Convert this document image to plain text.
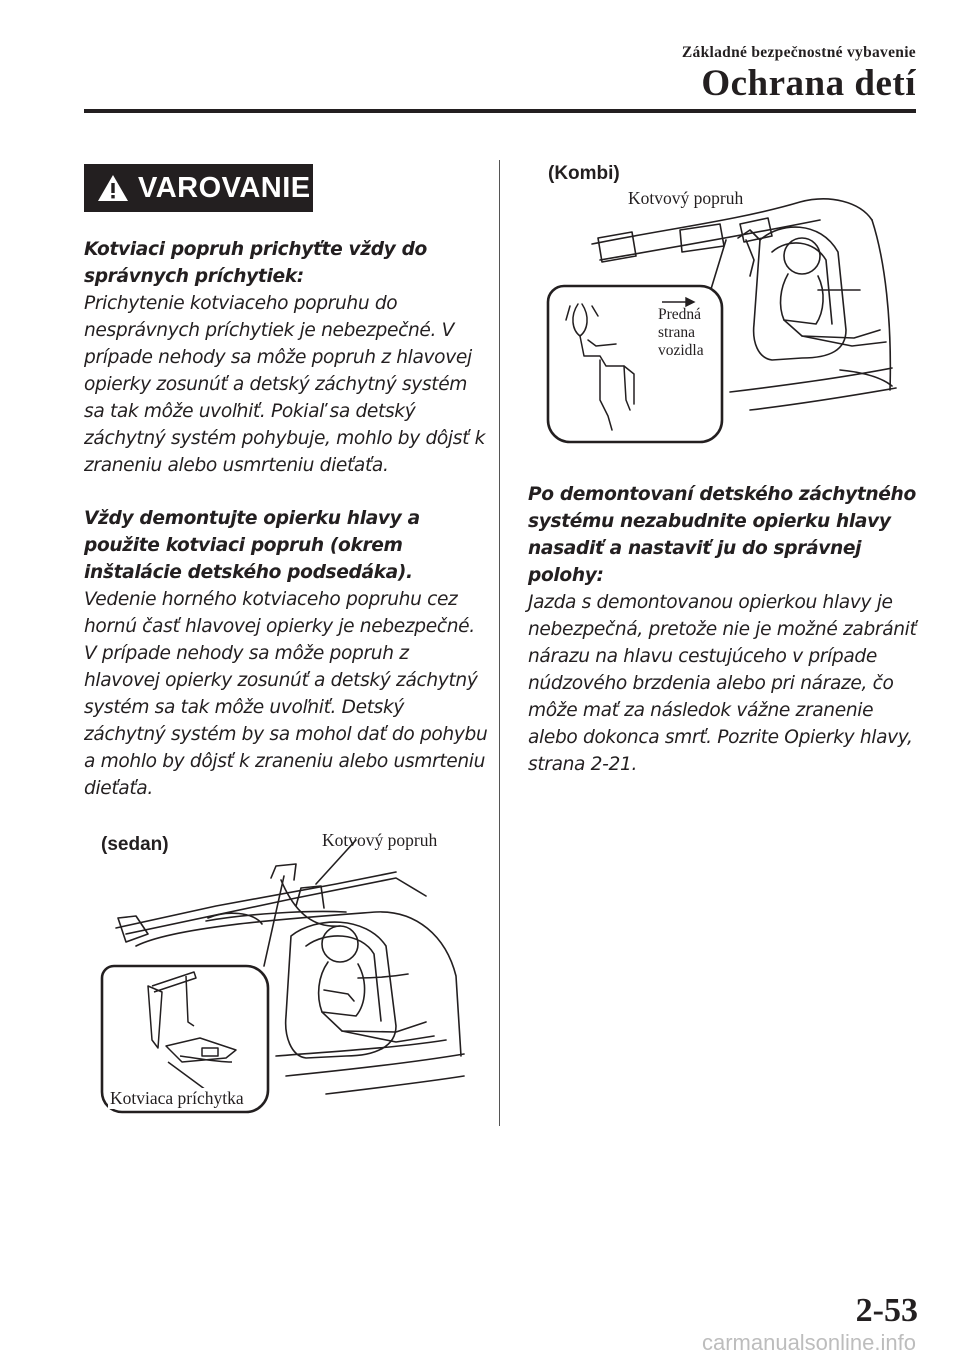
Základné bezpečnostné vybavenie
Ochrana detí
VAROVANIE

Kotviaci popruh prichyťte vždy do správnych príchytiek:

Prichytenie kotviaceho popruhu do nesprávnych príchytiek je nebezpečné. V prípade nehody sa môže popruh z hlavovej opierky zosunúť a detský záchytný systém sa tak môže uvoľniť. Pokiaľ sa detský záchytný systém pohybuje, mohlo by dôjsť k zraneniu alebo usmrteniu dieťaťa.

Vždy demontujte opierku hlavy a použite kotviaci popruh (okrem inštalácie detského podsedáka).

Vedenie horného kotviaceho popruhu cez hornú časť hlavovej opierky je nebezpečné. V prípade nehody sa môže popruh z hlavovej opierky zosunúť a detský záchytný systém sa tak môže uvoľniť. Detský záchytný systém by sa mohol dať do pohybu a mohlo by dôjsť k zraneniu alebo usmrteniu dieťaťa.

Po demontovaní detského záchytného systému nezabudnite opierku hlavy nasadiť a nastaviť ju do správnej polohy:

Jazda s demontovanou opierkou hlavy je nebezpečná, pretože nie je možné zabrániť nárazu na hlavu cestujúceho v prípade núdzového brzdenia alebo pri náraze, čo môže mať za následok vážne zranenie alebo dokonca smrť. Pozrite Opierky hlavy, strana 2-21.

(sedan)	Kotvový popruh
Kotviaca príchytka
(Kombi)
Kotvový popruh
Predná
strana
vozidla
2-53
carmanualsonline.info
